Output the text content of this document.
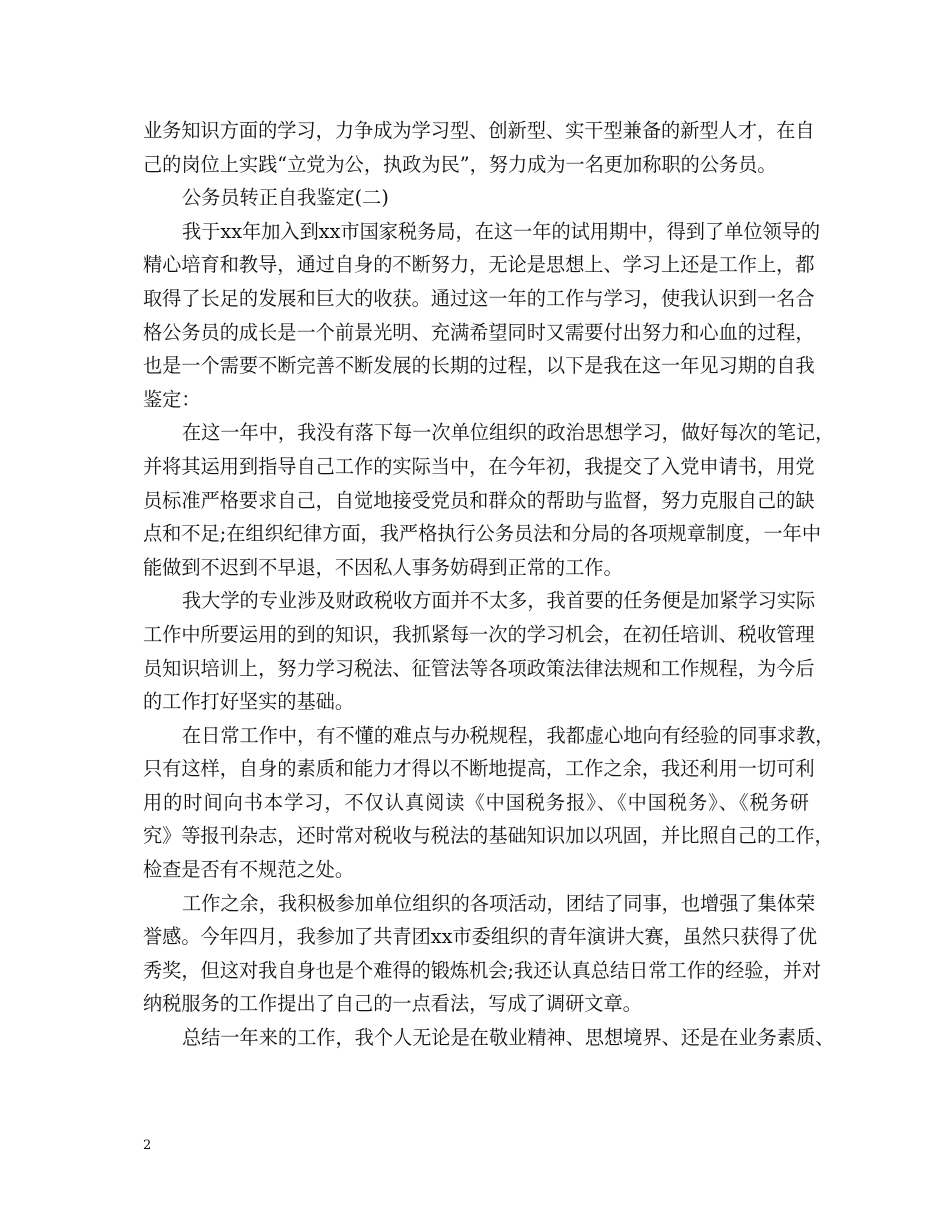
业务知识方面的学习，力争成为学习型、创新型、实干型兼备的新型人才，在自
己的岗位上实践“立党为公，执政为民”，努力成为一名更加称职的公务员。
公务员转正自我鉴定(二)
我于xx年加入到xx市国家税务局，在这一年的试用期中，得到了单位领导的
精心培育和教导，通过自身的不断努力，无论是思想上、学习上还是工作上，都
取得了长足的发展和巨大的收获。通过这一年的工作与学习，使我认识到一名合
格公务员的成长是一个前景光明、充满希望同时又需要付出努力和心血的过程，
也是一个需要不断完善不断发展的长期的过程，以下是我在这一年见习期的自我
鉴定：
在这一年中，我没有落下每一次单位组织的政治思想学习，做好每次的笔记，
并将其运用到指导自己工作的实际当中，在今年初，我提交了入党申请书，用党
员标准严格要求自己，自觉地接受党员和群众的帮助与监督，努力克服自己的缺
点和不足;在组织纪律方面，我严格执行公务员法和分局的各项规章制度，一年中
能做到不迟到不早退，不因私人事务妨碍到正常的工作。
我大学的专业涉及财政税收方面并不太多，我首要的任务便是加紧学习实际
工作中所要运用的到的知识，我抓紧每一次的学习机会，在初任培训、税收管理
员知识培训上，努力学习税法、征管法等各项政策法律法规和工作规程，为今后
的工作打好坚实的基础。
在日常工作中，有不懂的难点与办税规程，我都虚心地向有经验的同事求教，
只有这样，自身的素质和能力才得以不断地提高，工作之余，我还利用一切可利
用的时间向书本学习，不仅认真阅读《中国税务报》、《中国税务》、《税务研
究》等报刊杂志，还时常对税收与税法的基础知识加以巩固，并比照自己的工作，
检查是否有不规范之处。
工作之余，我积极参加单位组织的各项活动，团结了同事，也增强了集体荣
誉感。今年四月，我参加了共青团xx市委组织的青年演讲大赛，虽然只获得了优
秀奖，但这对我自身也是个难得的锻炼机会;我还认真总结日常工作的经验，并对
纳税服务的工作提出了自己的一点看法，写成了调研文章。
总结一年来的工作，我个人无论是在敬业精神、思想境界、还是在业务素质、
2
